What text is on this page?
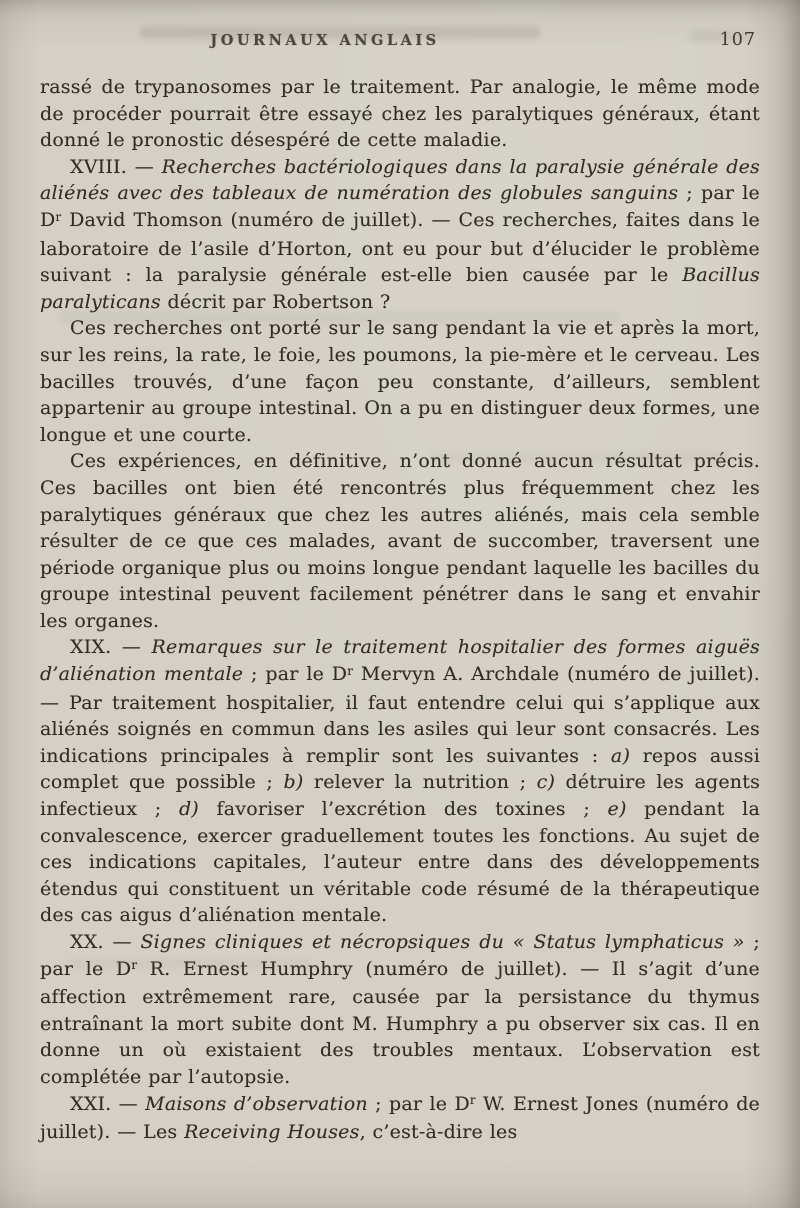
JOURNAUX ANGLAIS	107

rassé de trypanosomes par le traitement. Par analogie, le même mode de procéder pourrait être essayé chez les paralytiques généraux, étant donné le pronostic désespéré de cette maladie.

XVIII. — Recherches bactériologiques dans la paralysie générale des aliénés avec des tableaux de numération des globules sanguins ; par le $D^r$ David Thomson (numéro de juillet). — Ces recherches, faites dans le laboratoire de l’asile d’Horton, ont eu pour but d’élucider le problème suivant : la paralysie générale est-elle bien causée par le Bacillus paralyticans décrit par Robertson ?

Ces recherches ont porté sur le sang pendant la vie et après la mort, sur les reins, la rate, le foie, les poumons, la pie-mère et le cerveau. Les bacilles trouvés, d’une façon peu constante, d’ailleurs, semblent appartenir au groupe intestinal. On a pu en distinguer deux formes, une longue et une courte.

Ces expériences, en définitive, n’ont donné aucun résultat précis. Ces bacilles ont bien été rencontrés plus fréquemment chez les paralytiques généraux que chez les autres aliénés, mais cela semble résulter de ce que ces malades, avant de succomber, traversent une période organique plus ou moins longue pendant laquelle les bacilles du groupe intestinal peuvent facilement pénétrer dans le sang et envahir les organes.

XIX. — Remarques sur le traitement hospitalier des formes aiguës d’aliénation mentale ; par le $D^r$ Mervyn A. Archdale (numéro de juillet). — Par traitement hospitalier, il faut entendre celui qui s’applique aux aliénés soignés en commun dans les asiles qui leur sont consacrés. Les indications principales à remplir sont les suivantes : a) repos aussi complet que possible ; b) relever la nutrition ; c) détruire les agents infectieux ; d) favoriser l’excrétion des toxines ; e) pendant la convalescence, exercer graduellement toutes les fonctions. Au sujet de ces indications capitales, l’auteur entre dans des développements étendus qui constituent un véritable code résumé de la thérapeutique des cas aigus d’aliénation mentale.

XX. — Signes cliniques et nécropsiques du « Status lymphaticus » ; par le $D^r$ R. Ernest Humphry (numéro de juillet). — Il s’agit d’une affection extrêmement rare, causée par la persistance du thymus entraînant la mort subite dont M. Humphry a pu observer six cas. Il en donne un où existaient des troubles mentaux. L’observation est complétée par l’autopsie.

XXI. — Maisons d’observation ; par le $D^r$ W. Ernest Jones (numéro de juillet). — Les Receiving Houses, c’est-à-dire les
